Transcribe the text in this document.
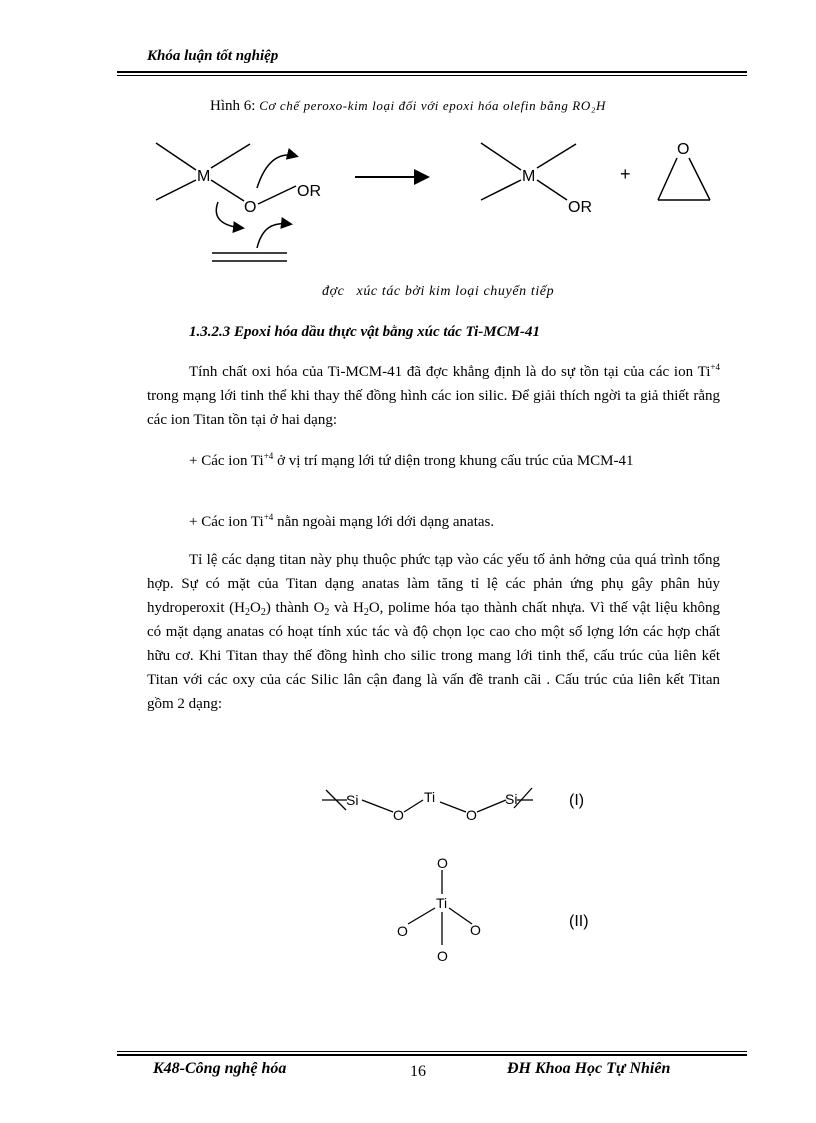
Khóa luận tốt nghiệp
Hình 6: Cơ chế peroxo-kim loại đối với epoxi hóa olefin bằng RO₂H
M
O
OR
M
OR
+
O
đợc xúc tác bởi kim loại chuyển tiếp
1.3.2.3 Epoxi hóa dầu thực vật bằng xúc tác Ti-MCM-41

Tính chất oxi hóa của Ti-MCM-41 đã đợc khẳng định là do sự tồn tại của các ion $Ti^{+4}$ trong mạng lới tinh thể khi thay thế đồng hình các ion silic. Để giải thích ngời ta giả thiết rằng các ion Titan tồn tại ở hai dạng:

+ Các ion $Ti^{+4}$ ở vị trí mạng lới tứ diện trong khung cấu trúc của MCM-41

+ Các ion $Ti^{+4}$ nằn ngoài mạng lới dới dạng anatas.

Tỉ lệ các dạng titan này phụ thuộc phức tạp vào các yếu tố ảnh hởng của quá trình tổng hợp. Sự có mặt của Titan dạng anatas làm tăng tỉ lệ các phản ứng phụ gây phân hủy hydroperoxit $(H_2O_2)$ thành $O_2$ và $H_2O$, polime hóa tạo thành chất nhựa. Vì thế vật liệu không có mặt dạng anatas có hoạt tính xúc tác và độ chọn lọc cao cho một số lợng lớn các hợp chất hữu cơ. Khi Titan thay thế đồng hình cho silic trong mang lới tinh thể, cấu trúc của liên kết Titan với các oxy của các Silic lân cận đang là vấn đề tranh cãi . Cấu trúc của liên kết Titan gồm 2 dạng:

Si
O
Ti
O
Si	(I)
O
Ti
O	O
O
(II)
K48-Công nghệ hóa	16	ĐH Khoa Học Tự Nhiên
